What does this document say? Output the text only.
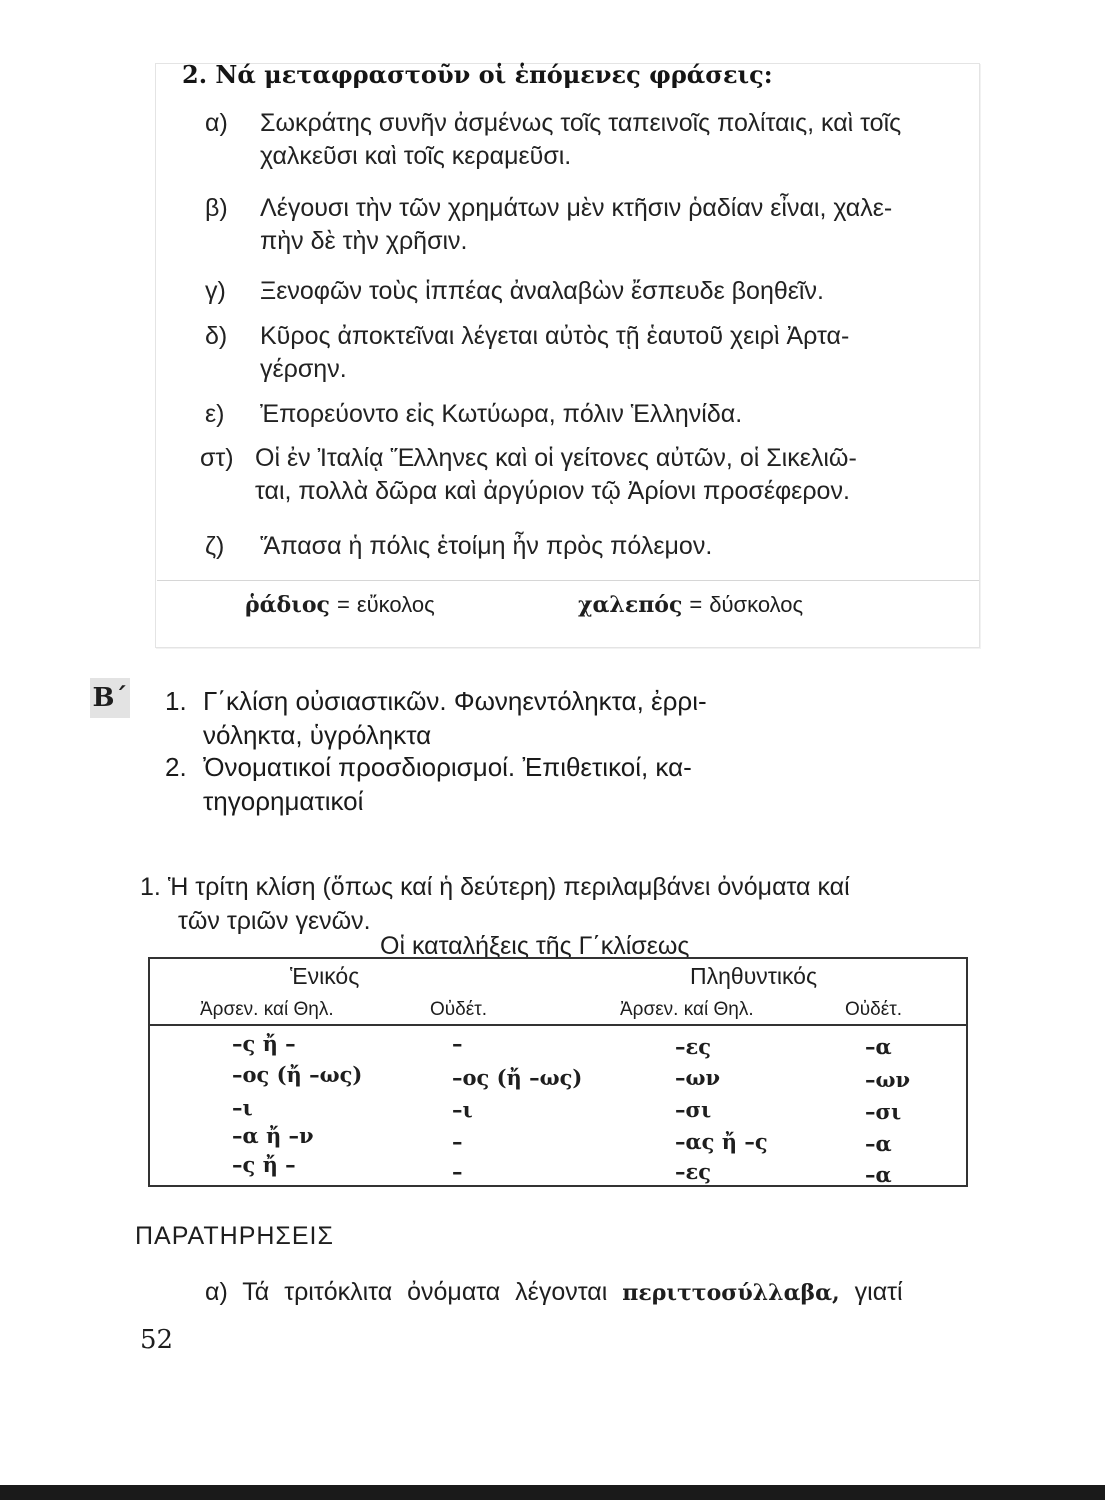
2. Νά μεταφραστοῦν οἱ ἑπόμενες φράσεις:
α) Σωκράτης συνῆν ἀσμένως τοῖς ταπεινοῖς πολίταις, καὶ τοῖς
χαλκεῦσι καὶ τοῖς κεραμεῦσι.
β) Λέγουσι τὴν τῶν χρημάτων μὲν κτῆσιν ῥαδίαν εἶναι, χαλε-
πὴν δὲ τὴν χρῆσιν.
γ) Ξενοφῶν τοὺς ἱππέας ἀναλαβὼν ἔσπευδε βοηθεῖν.
δ) Κῦρος ἀποκτεῖναι λέγεται αὐτὸς τῇ ἑαυτοῦ χειρὶ Ἀρτα-
γέρσην.
ε) Ἐπορεύοντο εἰς Κωτύωρα, πόλιν Ἑλληνίδα.
στ) Οἱ ἐν Ἰταλίᾳ Ἕλληνες καὶ οἱ γείτονες αὐτῶν, οἱ Σικελιῶ-
ται, πολλὰ δῶρα καὶ ἀργύριον τῷ Ἀρίονι προσέφερον.
ζ) Ἅπασα ἡ πόλις ἑτοίμη ἦν πρὸς πόλεμον.
ῥάδιος = εὔκολος	χαλεπός = δύσκολος
Β΄ 1. Γ΄κλίση οὐσιαστικῶν. Φωνηεντόληκτα, ἐρρι-
νόληκτα, ὑγρόληκτα
2. Ὀνοματικοί προσδιορισμοί. Ἐπιθετικοί, κα-
τηγορηματικοί
1. Ἡ τρίτη κλίση (ὅπως καί ἡ δεύτερη) περιλαμβάνει ὀνόματα καί
τῶν τριῶν γενῶν.
Οἱ καταλήξεις τῆς Γ΄κλίσεως
Ἑνικός	Πληθυντικός
Ἀρσεν. καί Θηλ.	Οὐδέτ.	Ἀρσεν. καί Θηλ.	Οὐδέτ.
–ς ἤ –	–	–ες	–α
–ος (ἤ –ως)	–ος (ἤ –ως)	–ων	–ων
–ι	–ι	–σι	–σι
–α ἤ –ν	–	–ας ἤ –ς	–α
–ς ἤ –	–	–ες	–α
ΠΑΡΑΤΗΡΗΣΕΙΣ
α) Τά τριτόκλιτα ὀνόματα λέγονται περιττοσύλλαβα, γιατί
52
